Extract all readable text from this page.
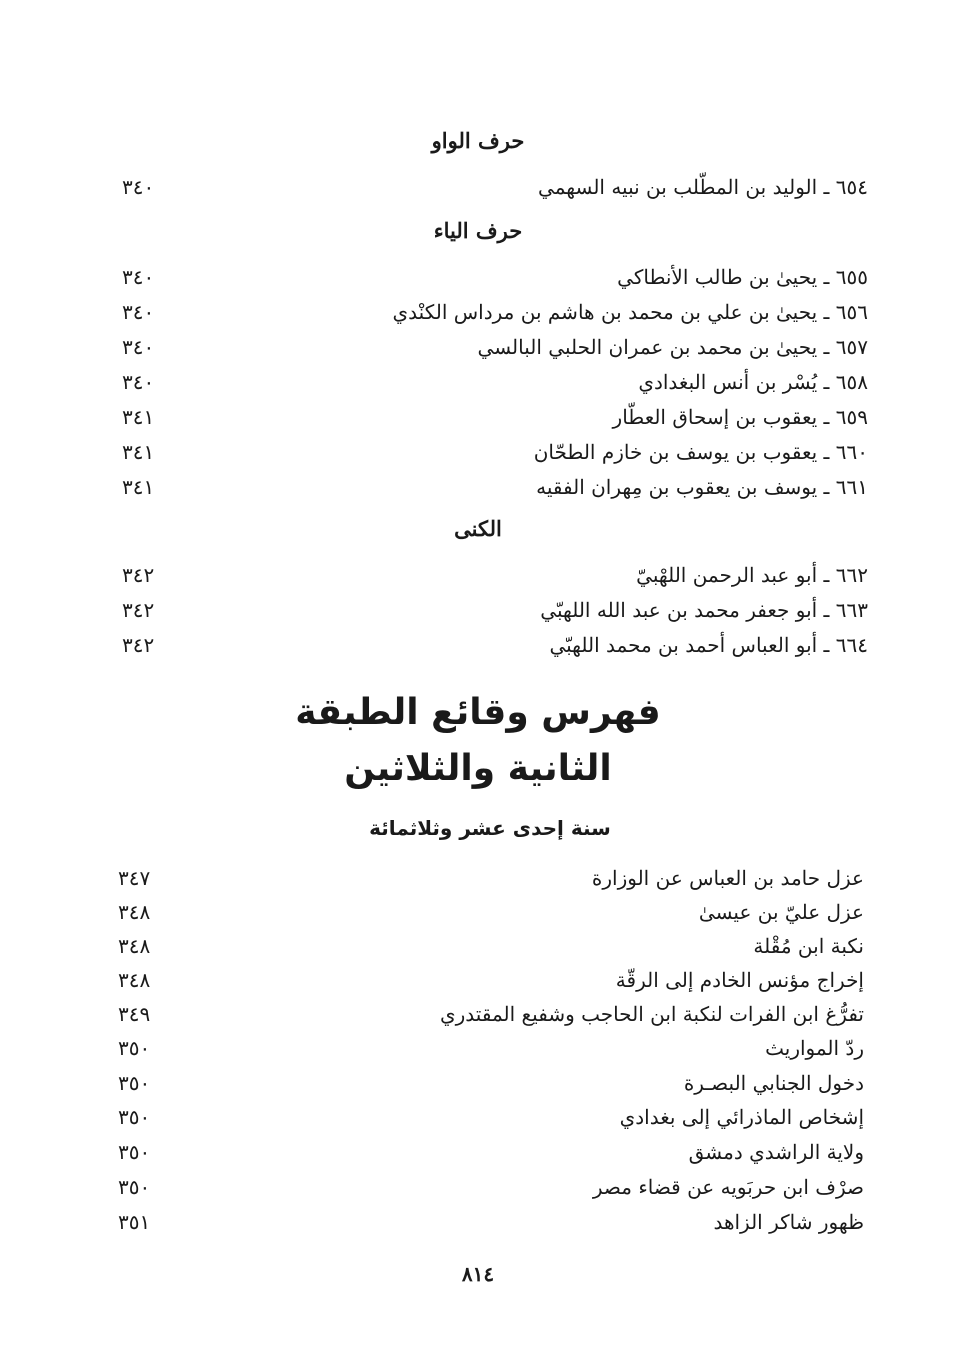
حرف الواو
٦٥٤ ـ الوليد بن المطّلب بن نبيه السهمي
٣٤٠
حرف الياء
٦٥٥ ـ يحيىٰ بن طالب الأنطاكي
٣٤٠
٦٥٦ ـ يحيىٰ بن علي بن محمد بن هاشم بن مرداس الكنْدي
٣٤٠
٦٥٧ ـ يحيىٰ بن محمد بن عمران الحلبي البالسي
٣٤٠
٦٥٨ ـ يُسْر بن أنس البغدادي
٣٤٠
٦٥٩ ـ يعقوب بن إسحاق العطّار
٣٤١
٦٦٠ ـ يعقوب بن يوسف بن خازم الطحّان
٣٤١
٦٦١ ـ يوسف بن يعقوب بن مِهران الفقيه
٣٤١
الكنى
٦٦٢ ـ أبو عبد الرحمن اللهْبيّ
٣٤٢
٦٦٣ ـ أبو جعفر محمد بن عبد الله اللهبّي
٣٤٢
٦٦٤ ـ أبو العباس أحمد بن محمد اللهبّي
٣٤٢
فهرس وقائع الطبقة
الثانية والثلاثين
سنة إحدى عشر وثلاثمائة
عزل حامد بن العباس عن الوزارة
٣٤٧
عزل عليّ بن عيسىٰ
٣٤٨
نكبة ابن مُقْلة
٣٤٨
إخراج مؤنس الخادم إلى الرقّة
٣٤٨
تفرُّغ ابن الفرات لنكبة ابن الحاجب وشفيع المقتدري
٣٤٩
ردّ المواريث
٣٥٠
دخول الجنابي البصـرة
٣٥٠
إشخاص الماذرائي إلى بغدادي
٣٥٠
ولاية الراشدي دمشق
٣٥٠
صرْف ابن حربَويه عن قضاء مصر
٣٥٠
ظهور شاكر الزاهد
٣٥١
٨١٤
